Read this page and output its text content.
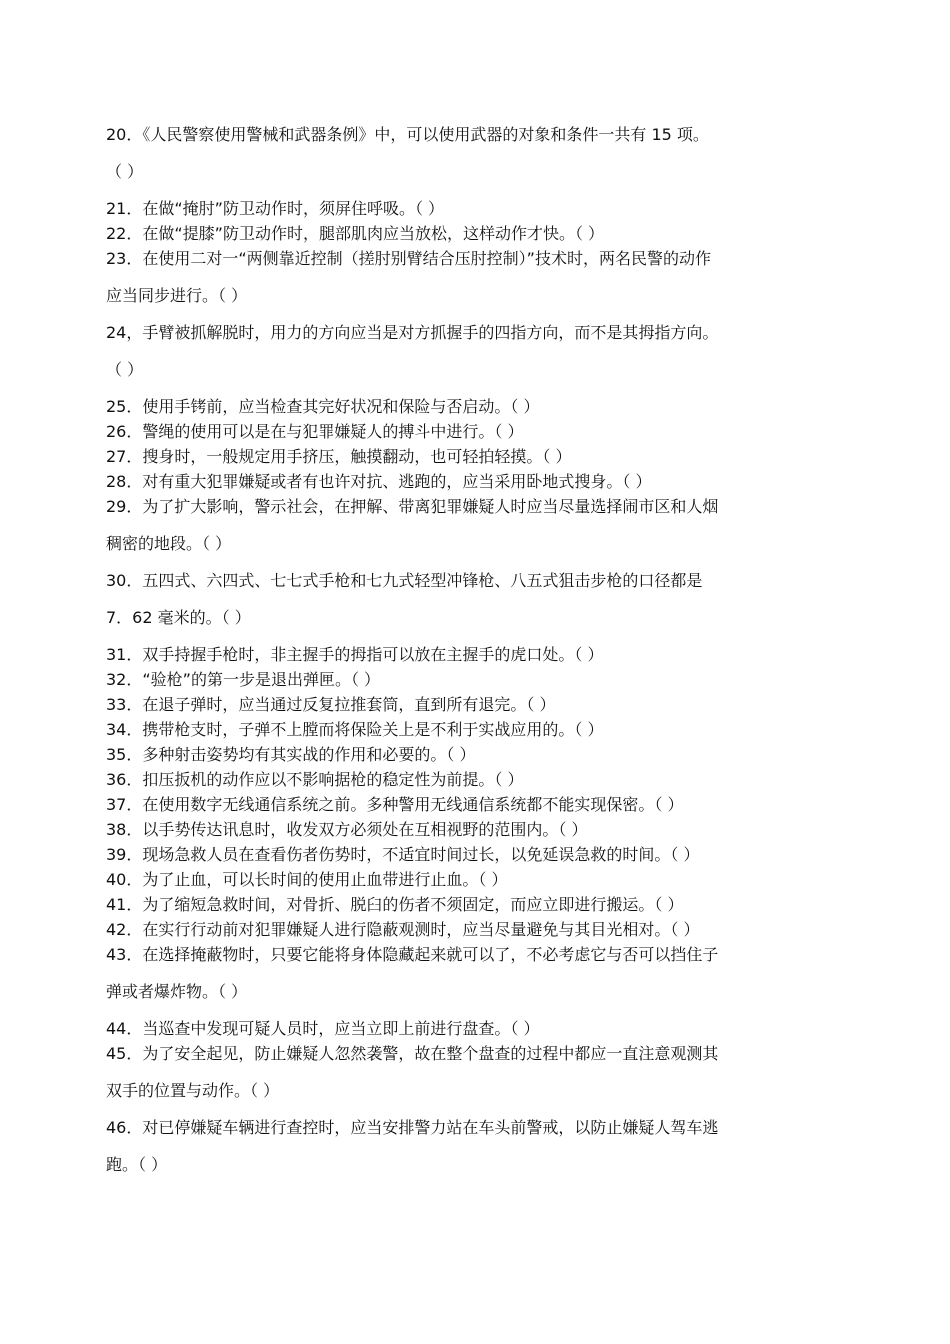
20．《人民警察使用警械和武器条例》中，可以使用武器的对象和条件一共有 15 项。
（ ）
21．在做“掩肘”防卫动作时，须屏住呼吸。（ ）
22．在做“提膝”防卫动作时，腿部肌肉应当放松，这样动作才快。（ ）
23．在使用二对一“两侧靠近控制（搓肘别臂结合压肘控制）”技术时，两名民警的动作
应当同步进行。（ ）
24，手臂被抓解脱时，用力的方向应当是对方抓握手的四指方向，而不是其拇指方向。
（ ）
25．使用手铐前，应当检查其完好状况和保险与否启动。（ ）
26．警绳的使用可以是在与犯罪嫌疑人的搏斗中进行。（ ）
27．搜身时，一般规定用手挤压，触摸翻动，也可轻拍轻摸。（ ）
28．对有重大犯罪嫌疑或者有也许对抗、逃跑的，应当采用卧地式搜身。（ ）
29．为了扩大影响，警示社会，在押解、带离犯罪嫌疑人时应当尽量选择闹市区和人烟
稠密的地段。（ ）
30．五四式、六四式、七七式手枪和七九式轻型冲锋枪、八五式狙击步枪的口径都是
7．62 毫米的。（ ）
31．双手持握手枪时，非主握手的拇指可以放在主握手的虎口处。（ ）
32．“验枪”的第一步是退出弹匣。（ ）
33．在退子弹时，应当通过反复拉推套筒，直到所有退完。（ ）
34．携带枪支时，子弹不上膛而将保险关上是不利于实战应用的。（ ）
35．多种射击姿势均有其实战的作用和必要的。（ ）
36．扣压扳机的动作应以不影响据枪的稳定性为前提。（ ）
37．在使用数字无线通信系统之前。多种警用无线通信系统都不能实现保密。（ ）
38．以手势传达讯息时，收发双方必须处在互相视野的范围内。（ ）
39．现场急救人员在查看伤者伤势时，不适宜时间过长，以免延误急救的时间。（ ）
40．为了止血，可以长时间的使用止血带进行止血。（ ）
41．为了缩短急救时间，对骨折、脱臼的伤者不须固定，而应立即进行搬运。（ ）
42．在实行行动前对犯罪嫌疑人进行隐蔽观测时，应当尽量避免与其目光相对。（ ）
43．在选择掩蔽物时，只要它能将身体隐藏起来就可以了，不必考虑它与否可以挡住子
弹或者爆炸物。（ ）
44．当巡查中发现可疑人员时，应当立即上前进行盘查。（ ）
45．为了安全起见，防止嫌疑人忽然袭警，故在整个盘查的过程中都应一直注意观测其
双手的位置与动作。（ ）
46．对已停嫌疑车辆进行查控时，应当安排警力站在车头前警戒，以防止嫌疑人驾车逃
跑。（ ）
